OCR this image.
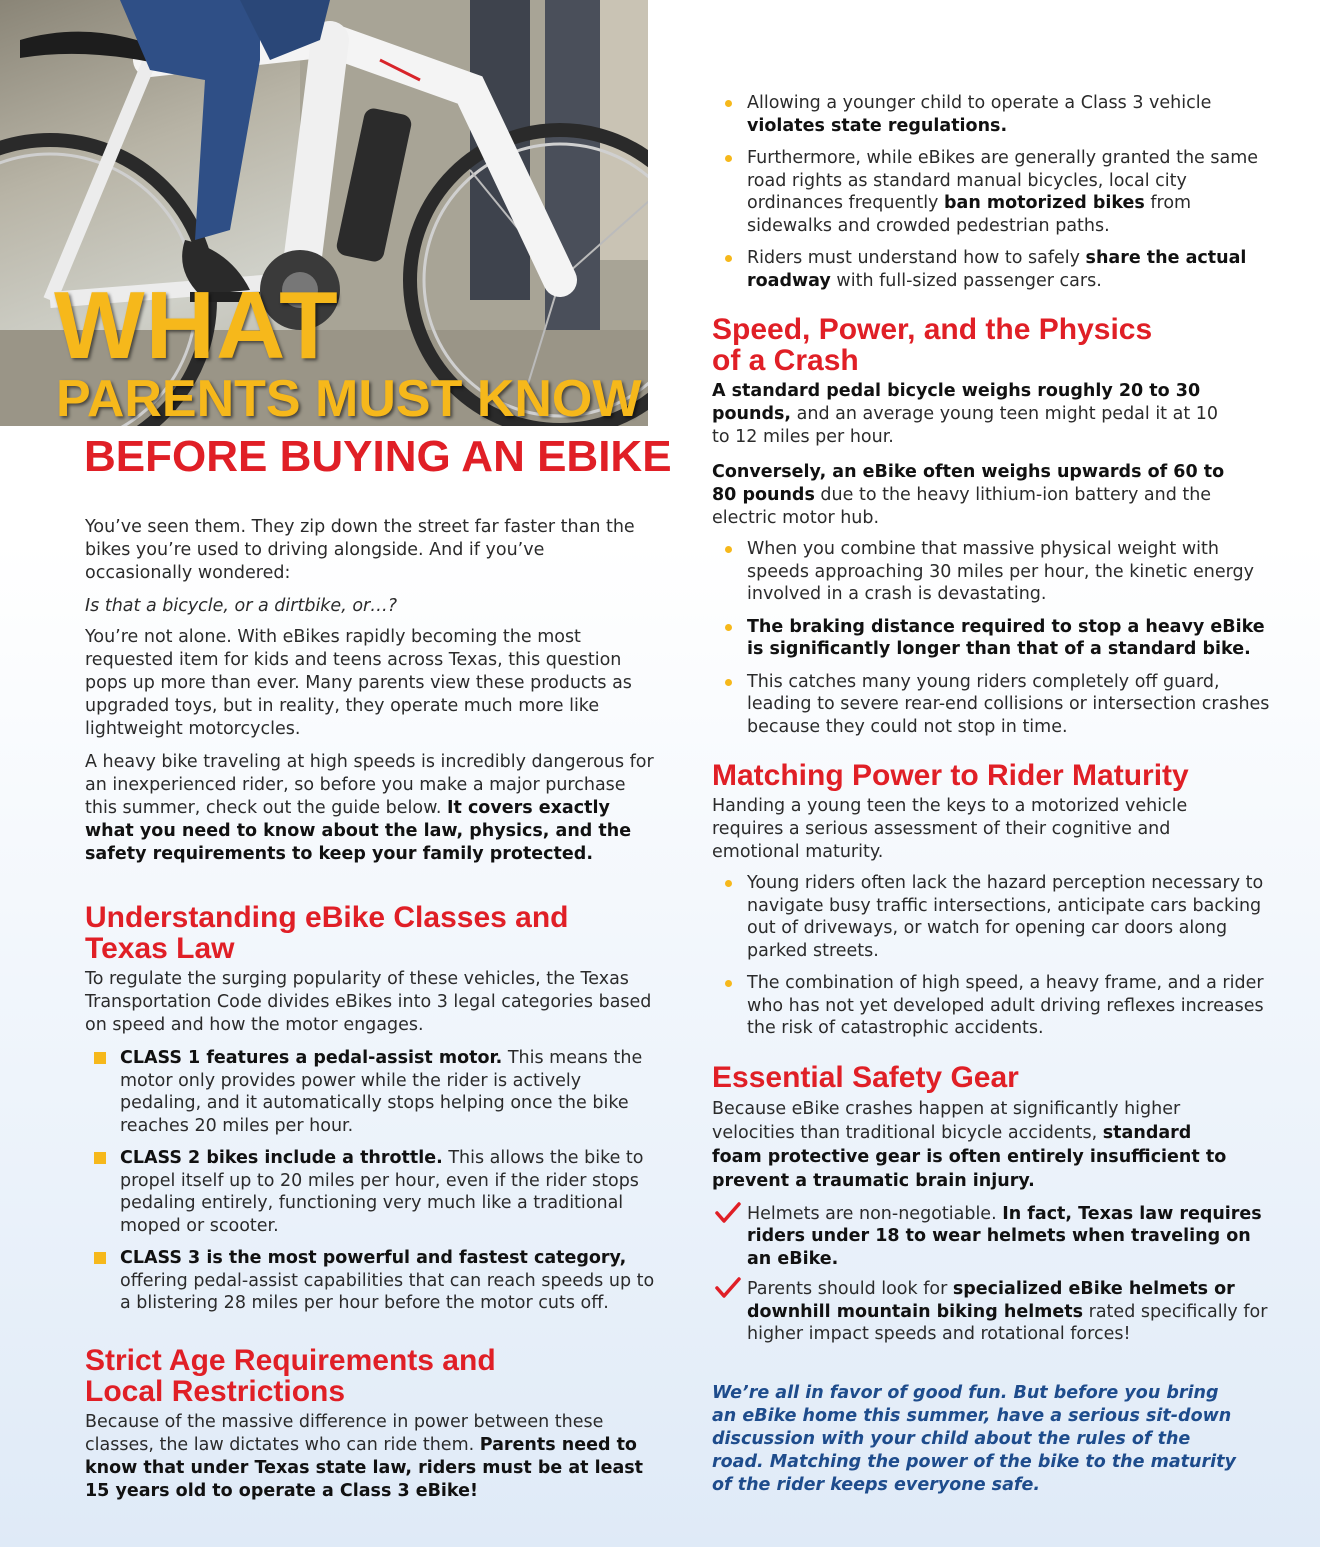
WHAT
PARENTS MUST KNOW
BEFORE BUYING AN EBIKE

You’ve seen them. They zip down the street far faster than the bikes you’re used to driving alongside. And if you’ve occasionally wondered:

Is that a bicycle, or a dirtbike, or…?

You’re not alone. With eBikes rapidly becoming the most requested item for kids and teens across Texas, this question pops up more than ever. Many parents view these products as upgraded toys, but in reality, they operate much more like lightweight motorcycles.

A heavy bike traveling at high speeds is incredibly dangerous for an inexperienced rider, so before you make a major purchase this summer, check out the guide below. It covers exactly what you need to know about the law, physics, and the safety requirements to keep your family protected.

Understanding eBike Classes and Texas Law

To regulate the surging popularity of these vehicles, the Texas Transportation Code divides eBikes into 3 legal categories based on speed and how the motor engages.

CLASS 1 features a pedal-assist motor. This means the motor only provides power while the rider is actively pedaling, and it automatically stops helping once the bike reaches 20 miles per hour.
CLASS 2 bikes include a throttle. This allows the bike to propel itself up to 20 miles per hour, even if the rider stops pedaling entirely, functioning very much like a traditional moped or scooter.
CLASS 3 is the most powerful and fastest category, offering pedal-assist capabilities that can reach speeds up to a blistering 28 miles per hour before the motor cuts off.
Strict Age Requirements and Local Restrictions

Because of the massive difference in power between these classes, the law dictates who can ride them. Parents need to know that under Texas state law, riders must be at least 15 years old to operate a Class 3 eBike!

Allowing a younger child to operate a Class 3 vehicle violates state regulations.
Furthermore, while eBikes are generally granted the same road rights as standard manual bicycles, local city ordinances frequently ban motorized bikes from sidewalks and crowded pedestrian paths.
Riders must understand how to safely share the actual roadway with full-sized passenger cars.
Speed, Power, and the Physics of a Crash

A standard pedal bicycle weighs roughly 20 to 30 pounds, and an average young teen might pedal it at 10 to 12 miles per hour.

Conversely, an eBike often weighs upwards of 60 to 80 pounds due to the heavy lithium-ion battery and the electric motor hub.

When you combine that massive physical weight with speeds approaching 30 miles per hour, the kinetic energy involved in a crash is devastating.
The braking distance required to stop a heavy eBike is significantly longer than that of a standard bike.
This catches many young riders completely off guard, leading to severe rear-end collisions or intersection crashes because they could not stop in time.
Matching Power to Rider Maturity

Handing a young teen the keys to a motorized vehicle requires a serious assessment of their cognitive and emotional maturity.

Young riders often lack the hazard perception necessary to navigate busy traffic intersections, anticipate cars backing out of driveways, or watch for opening car doors along parked streets.
The combination of high speed, a heavy frame, and a rider who has not yet developed adult driving reflexes increases the risk of catastrophic accidents.
Essential Safety Gear

Because eBike crashes happen at significantly higher velocities than traditional bicycle accidents, standard foam protective gear is often entirely insufficient to prevent a traumatic brain injury.

Helmets are non-negotiable. In fact, Texas law requires riders under 18 to wear helmets when traveling on an eBike.
Parents should look for specialized eBike helmets or downhill mountain biking helmets rated specifically for higher impact speeds and rotational forces!

We’re all in favor of good fun. But before you bring an eBike home this summer, have a serious sit-down discussion with your child about the rules of the road. Matching the power of the bike to the maturity of the rider keeps everyone safe.
